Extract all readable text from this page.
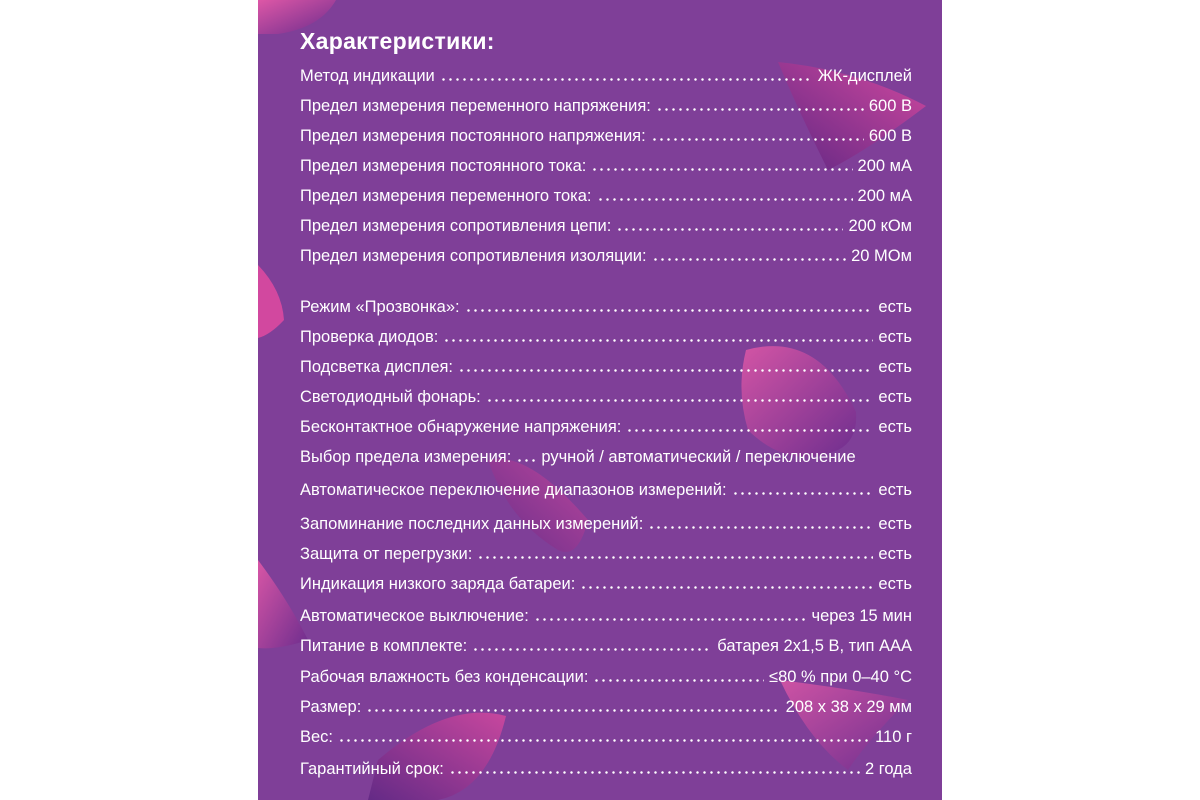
Характеристики:
Метод индикации	ЖК-дисплей
Предел измерения переменного напряжения:	600 В
Предел измерения постоянного напряжения:	600 В
Предел измерения постоянного тока:	200 мА
Предел измерения переменного тока:	200 мА
Предел измерения сопротивления цепи:	200 кОм
Предел измерения сопротивления изоляции:	20 МОм
Режим «Прозвонка»:	есть
Проверка диодов:	есть
Подсветка дисплея:	есть
Светодиодный фонарь:	есть
Бесконтактное обнаружение напряжения:	есть
Выбор предела измерения: ручной / автоматический / переключение
Автоматическое переключение диапазонов измерений:	есть
Запоминание последних данных измерений:	есть
Защита от перегрузки:	есть
Индикация низкого заряда батареи:	есть
Автоматическое выключение:	через 15 мин
Питание в комплекте:	батарея 2х1,5 В, тип ААА
Рабочая влажность без конденсации:	≤80 % при 0–40 °С
Размер:	208 х 38 х 29 мм
Вес:	110 г
Гарантийный срок:	2 года
